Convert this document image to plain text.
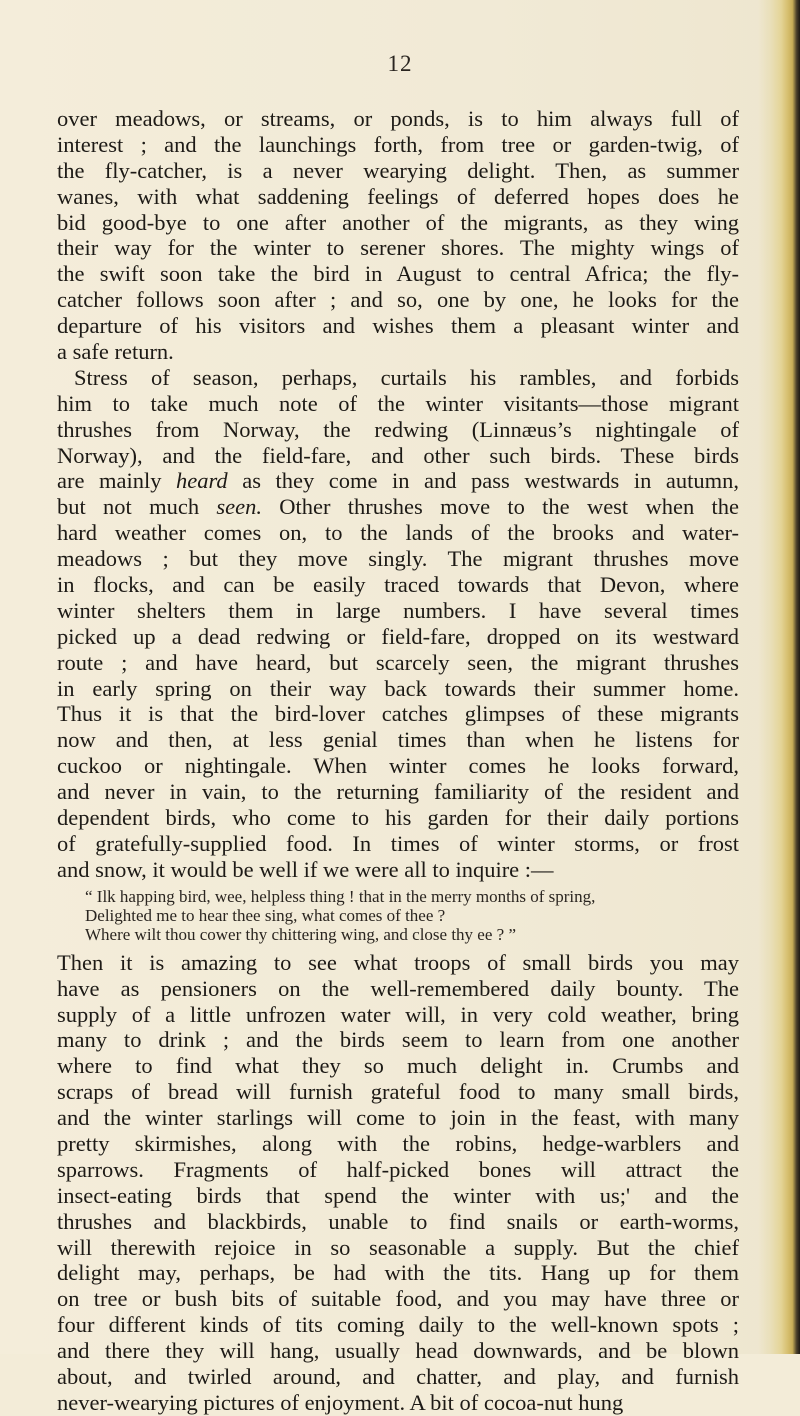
12
over meadows, or streams, or ponds, is to him always full of
interest ; and the launchings forth, from tree or garden-twig, of
the fly-catcher, is a never wearying delight. Then, as summer
wanes, with what saddening feelings of deferred hopes does he
bid good-bye to one after another of the migrants, as they wing
their way for the winter to serener shores. The mighty wings of
the swift soon take the bird in August to central Africa; the fly-
catcher follows soon after ; and so, one by one, he looks for the
departure of his visitors and wishes them a pleasant winter and
a safe return.
Stress of season, perhaps, curtails his rambles, and forbids
him to take much note of the winter visitants—those migrant
thrushes from Norway, the redwing (Linnæus’s nightingale of
Norway), and the field-fare, and other such birds. These birds
are mainly heard as they come in and pass westwards in autumn,
but not much seen. Other thrushes move to the west when the
hard weather comes on, to the lands of the brooks and water-
meadows ; but they move singly. The migrant thrushes move
in flocks, and can be easily traced towards that Devon, where
winter shelters them in large numbers. I have several times
picked up a dead redwing or field-fare, dropped on its westward
route ; and have heard, but scarcely seen, the migrant thrushes
in early spring on their way back towards their summer home.
Thus it is that the bird-lover catches glimpses of these migrants
now and then, at less genial times than when he listens for
cuckoo or nightingale. When winter comes he looks forward,
and never in vain, to the returning familiarity of the resident and
dependent birds, who come to his garden for their daily portions
of gratefully-supplied food. In times of winter storms, or frost
and snow, it would be well if we were all to inquire :—
“ Ilk happing bird, wee, helpless thing ! that in the merry months of spring,
Delighted me to hear thee sing, what comes of thee ?
Where wilt thou cower thy chittering wing, and close thy ee ? ”
Then it is amazing to see what troops of small birds you may
have as pensioners on the well-remembered daily bounty. The
supply of a little unfrozen water will, in very cold weather, bring
many to drink ; and the birds seem to learn from one another
where to find what they so much delight in. Crumbs and
scraps of bread will furnish grateful food to many small birds,
and the winter starlings will come to join in the feast, with many
pretty skirmishes, along with the robins, hedge-warblers and
sparrows. Fragments of half-picked bones will attract the
insect-eating birds that spend the winter with us;' and the
thrushes and blackbirds, unable to find snails or earth-worms,
will therewith rejoice in so seasonable a supply. But the chief
delight may, perhaps, be had with the tits. Hang up for them
on tree or bush bits of suitable food, and you may have three or
four different kinds of tits coming daily to the well-known spots ;
and there they will hang, usually head downwards, and be blown
about, and twirled around, and chatter, and play, and furnish
never-wearying pictures of enjoyment. A bit of cocoa-nut hung
